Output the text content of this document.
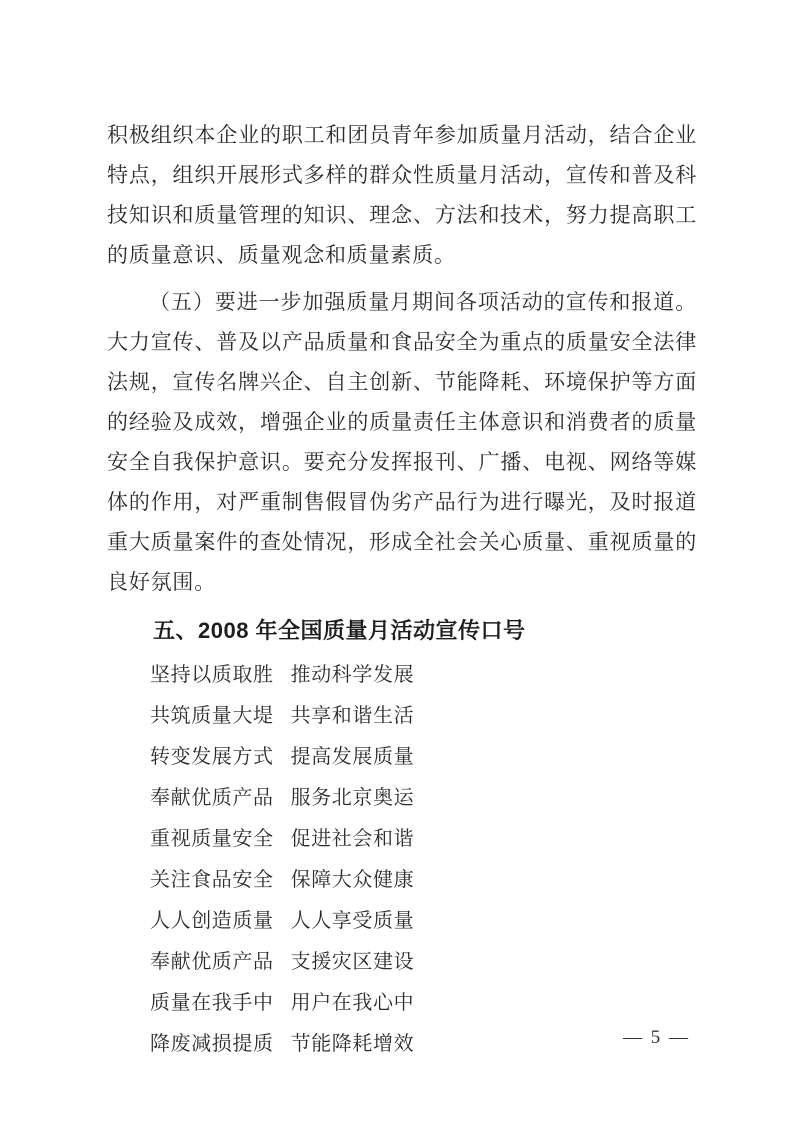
积极组织本企业的职工和团员青年参加质量月活动，结合企业特点，组织开展形式多样的群众性质量月活动，宣传和普及科技知识和质量管理的知识、理念、方法和技术，努力提高职工的质量意识、质量观念和质量素质。

（五）要进一步加强质量月期间各项活动的宣传和报道。大力宣传、普及以产品质量和食品安全为重点的质量安全法律法规，宣传名牌兴企、自主创新、节能降耗、环境保护等方面的经验及成效，增强企业的质量责任主体意识和消费者的质量安全自我保护意识。要充分发挥报刊、广播、电视、网络等媒体的作用，对严重制售假冒伪劣产品行为进行曝光，及时报道重大质量案件的查处情况，形成全社会关心质量、重视质量的良好氛围。

五、2008 年全国质量月活动宣传口号
坚持以质取胜 推动科学发展
共筑质量大堤 共享和谐生活
转变发展方式 提高发展质量
奉献优质产品 服务北京奥运
重视质量安全 促进社会和谐
关注食品安全 保障大众健康
人人创造质量 人人享受质量
奉献优质产品 支援灾区建设
质量在我手中 用户在我心中
降废减损提质 节能降耗增效	— 5 —
